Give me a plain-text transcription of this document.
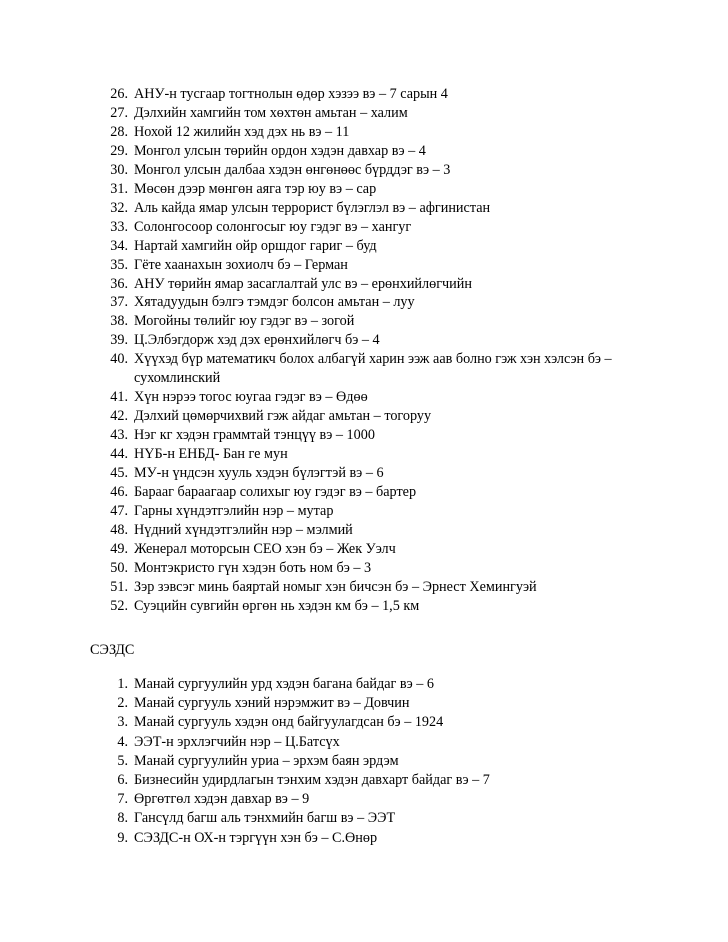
26. АНУ-н тусгаар тогтнолын өдөр хэзээ вэ – 7 сарын 4
27. Дэлхийн хамгийн том хөхтөн амьтан – халим
28. Нохой 12 жилийн хэд дэх нь вэ – 11
29. Монгол улсын төрийн ордон хэдэн давхар вэ – 4
30. Монгол улсын далбаа хэдэн өнгөнөөс бүрддэг вэ – 3
31. Мөсөн дээр мөнгөн аяга тэр юу вэ – сар
32. Аль кайда ямар улсын террорист бүлэглэл вэ – афгинистан
33. Солонгосоор солонгосыг юу гэдэг вэ – хангуг
34. Нартай хамгийн ойр оршдог гариг – буд
35. Гёте хаанахын зохиолч бэ – Герман
36. АНУ төрийн ямар засаглалтай улс вэ – ерөнхийлөгчийн
37. Хятадуудын бэлгэ тэмдэг болсон амьтан – луу
38. Могойны төлийг юу гэдэг вэ – зогой
39. Ц.Элбэгдорж хэд дэх ерөнхийлөгч бэ – 4
40. Хүүхэд бүр математикч болох албагүй харин ээж аав болно гэж хэн хэлсэн бэ – сухомлинский
41. Хүн нэрээ тогос юугаа гэдэг вэ – Өдөө
42. Дэлхий цөмөрчихвий гэж айдаг амьтан – тогоруу
43. Нэг кг хэдэн граммтай тэнцүү вэ – 1000
44. НҮБ-н ЕНБД- Бан ге мун
45. МУ-н үндсэн хууль хэдэн бүлэгтэй вэ – 6
46. Барааг бараагаар солихыг юу гэдэг вэ – бартер
47. Гарны хүндэтгэлийн нэр – мутар
48. Нүдний хүндэтгэлийн нэр – мэлмий
49. Женерал моторсын CEO хэн бэ – Жек Уэлч
50. Монтэкристо гүн хэдэн боть ном бэ – 3
51. Зэр зэвсэг минь баяртай номыг хэн бичсэн бэ – Эрнест Хемингуэй
52. Суэцийн сувгийн өргөн нь хэдэн км бэ – 1,5 км
СЭЗДС
1. Манай сургуулийн урд хэдэн багана байдаг вэ – 6
2. Манай сургууль хэний нэрэмжит вэ – Довчин
3. Манай сургууль хэдэн онд байгуулагдсан бэ – 1924
4. ЭЭТ-н эрхлэгчийн нэр – Ц.Батсүх
5. Манай сургуулийн уриа – эрхэм баян эрдэм
6. Бизнесийн удирдлагын тэнхим хэдэн давхарт байдаг вэ – 7
7. Өргөтгөл хэдэн давхар вэ – 9
8. Гансүлд багш аль тэнхмийн багш вэ – ЭЭТ
9. СЭЗДС-н ОХ-н тэргүүн хэн бэ – С.Өнөр
